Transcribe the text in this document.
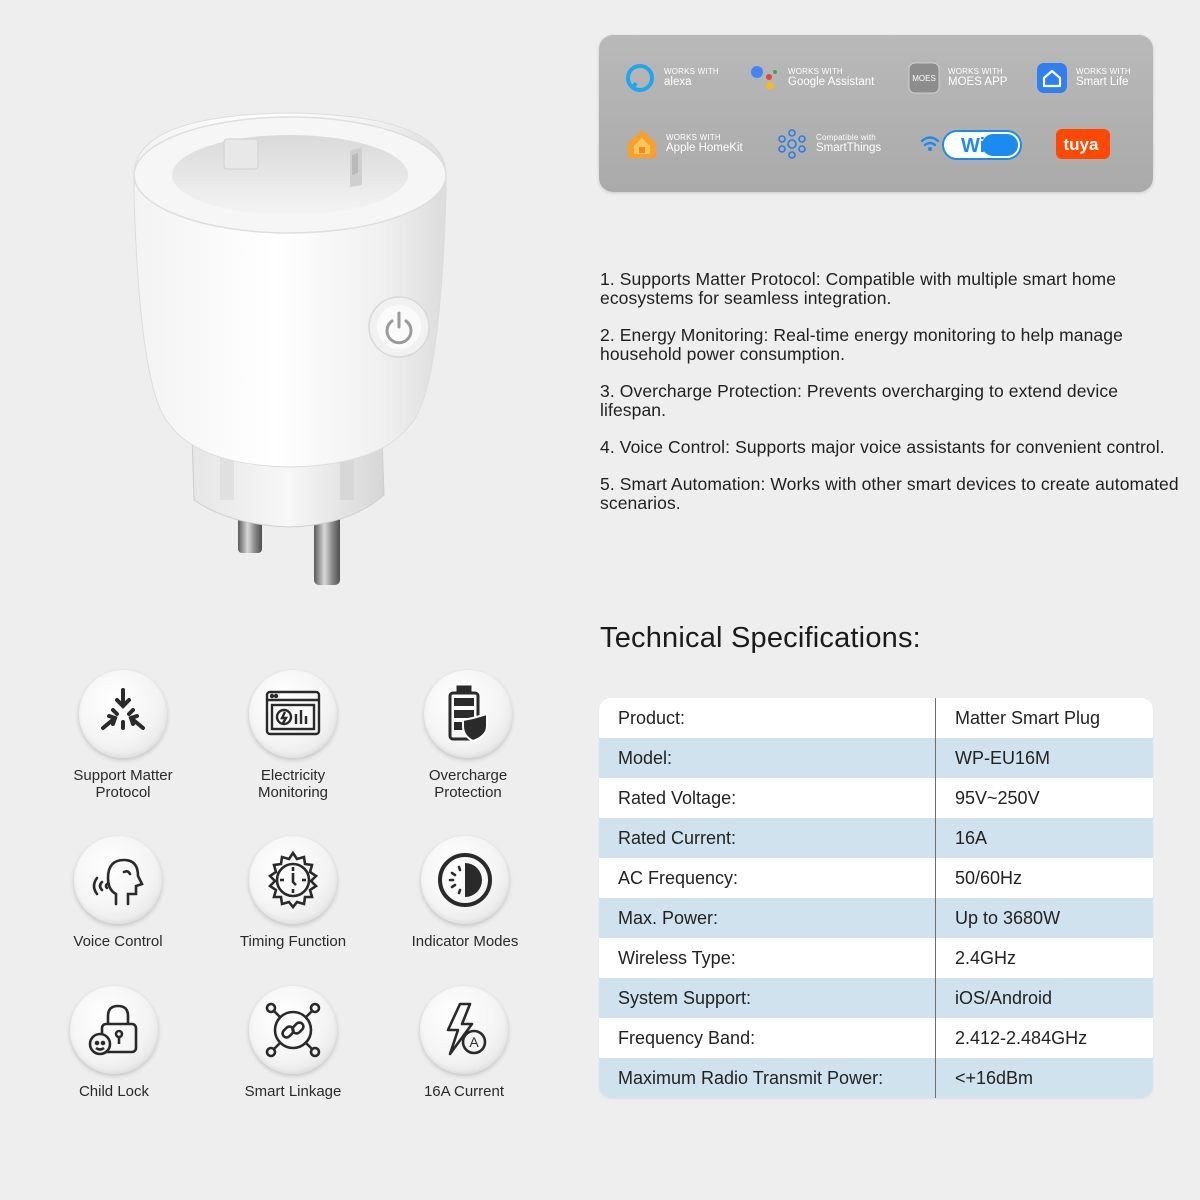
WORKS WITH
alexa
WORKS WITH
Google Assistant	MOES
WORKS WITH
MOES APP
WORKS WITH
Smart Life
WORKS WITH
Apple HomeKit
Compatible with
SmartThings	WiFi	tuya

1. Supports Matter Protocol: Compatible with multiple smart home ecosystems for seamless integration.

2. Energy Monitoring: Real-time energy monitoring to help manage household power consumption.

3. Overcharge Protection: Prevents overcharging to extend device lifespan.

4. Voice Control: Supports major voice assistants for convenient control.

5. Smart Automation: Works with other smart devices to create automated scenarios.

Technical Specifications:
Product:	Matter Smart Plug
Model:	WP-EU16M
Rated Voltage:	95V~250V
Rated Current:	16A
AC Frequency:	50/60Hz
Max. Power:	Up to 3680W
Wireless Type:	2.4GHz
System Support:	iOS/Android
Frequency Band:	2.412-2.484GHz
Maximum Radio Transmit Power:	<+16dBm
Support Matter
Protocol
Electricity
Monitoring
Overcharge
Protection
Voice Control	Timing Function	Indicator Modes
Child Lock	Smart Linkage
A
16A Current
